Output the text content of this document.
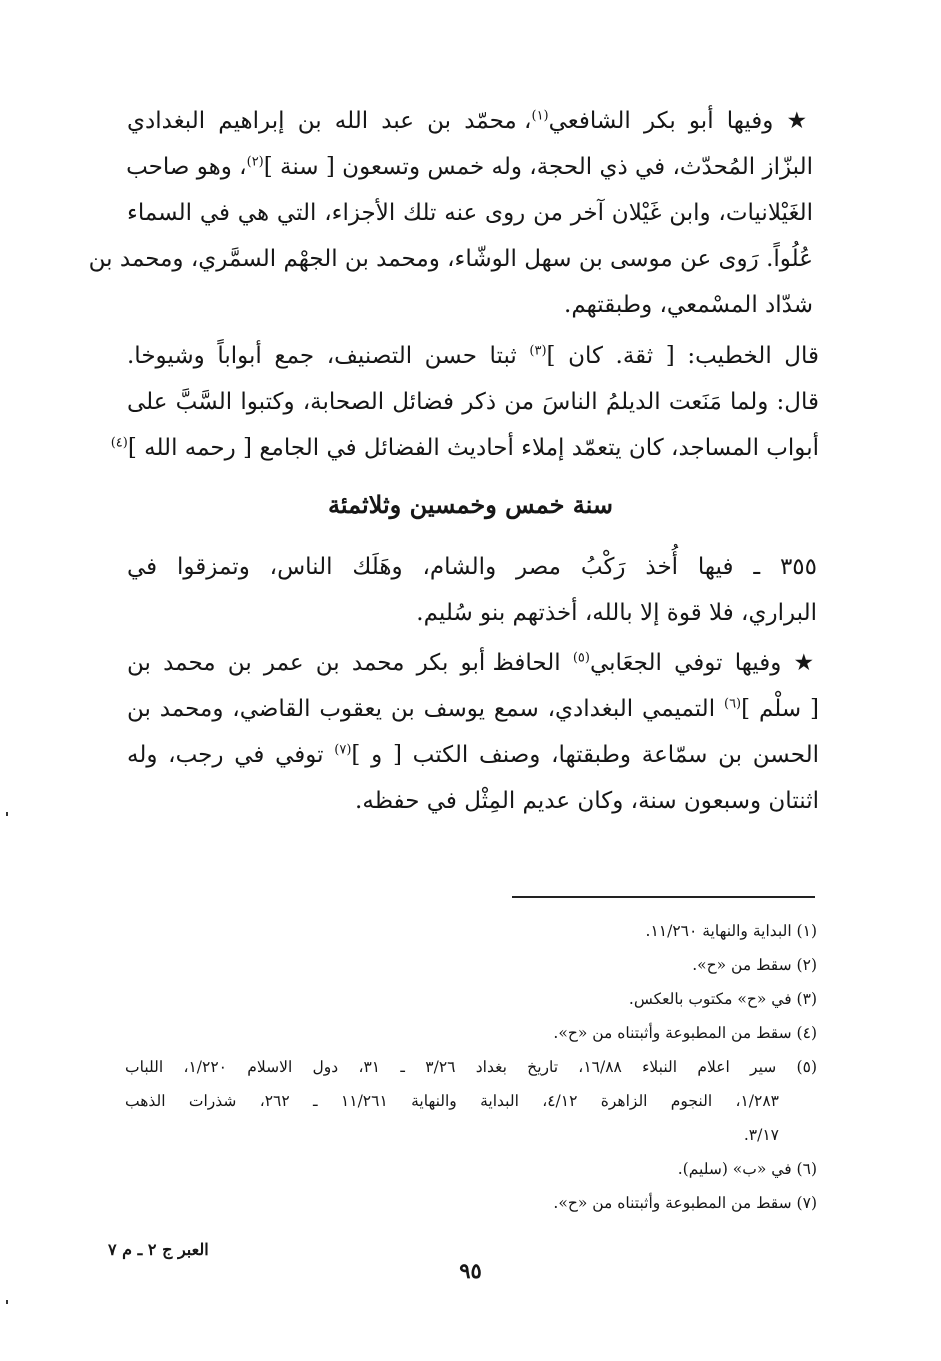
★ وفيها أبو بكر الشافعي$^{(١)}$، محمّد بن عبد الله بن إبراهيم البغدادي
البزّاز المُحدّث، في ذي الحجة، وله خمس وتسعون [ سنة ]$^{(٢)}$، وهو صاحب
الغَيْلانيات، وابن غَيْلان آخر من روى عنه تلك الأجزاء، التي هي في السماء
عُلُواً. رَوى عن موسى بن سهل الوشّاء، ومحمد بن الجهْم السمَّري، ومحمد بن
شدّاد المسْمعي، وطبقتهم.
قال الخطيب: [ ثقة. كان ]$^{(٣)}$ ثبتا حسن التصنيف، جمع أبواباً وشيوخا.
قال: ولما مَنَعت الديلمُ الناسَ من ذكر فضائل الصحابة، وكتبوا السَّبَّ على
أبواب المساجد، كان يتعمّد إملاء أحاديث الفضائل في الجامع [ رحمه الله ]$^{(٤)}$
سنة خمس وخمسين وثلاثمئة
٣٥٥ ـ فيها أُخذ رَكْبُ مصر والشام، وهَلَك الناس، وتمزقوا في
البراري، فلا قوة إلا بالله، أخذتهم بنو سُليم.
★ وفيها توفي الجعَابي$^{(٥)}$ الحافظ أبو بكر محمد بن عمر بن محمد بن
[ سلْم ]$^{(٦)}$ التميمي البغدادي، سمع يوسف بن يعقوب القاضي، ومحمد بن
الحسن بن سمّاعة وطبقتها، وصنف الكتب [ و ]$^{(٧)}$ توفي في رجب، وله
اثنتان وسبعون سنة، وكان عديم المِثْل في حفظه.
(١) البداية والنهاية ١١/٢٦٠.
(٢) سقط من «ح».
(٣) في «ح» مكتوب بالعكس.
(٤) سقط من المطبوعة وأثبتناه من «ح».
(٥) سير اعلام النبلاء ١٦/٨٨، تاريخ بغداد ٣/٢٦ ـ ٣١، دول الاسلام ١/٢٢٠، اللباب
١/٢٨٣، النجوم الزاهرة ٤/١٢، البداية والنهاية ١١/٢٦١ ـ ٢٦٢، شذرات الذهب
٣/١٧.
(٦) في «ب» (سليم).
(٧) سقط من المطبوعة وأثبتناه من «ح».
العبر ج ٢ ـ م ٧
٩٥
